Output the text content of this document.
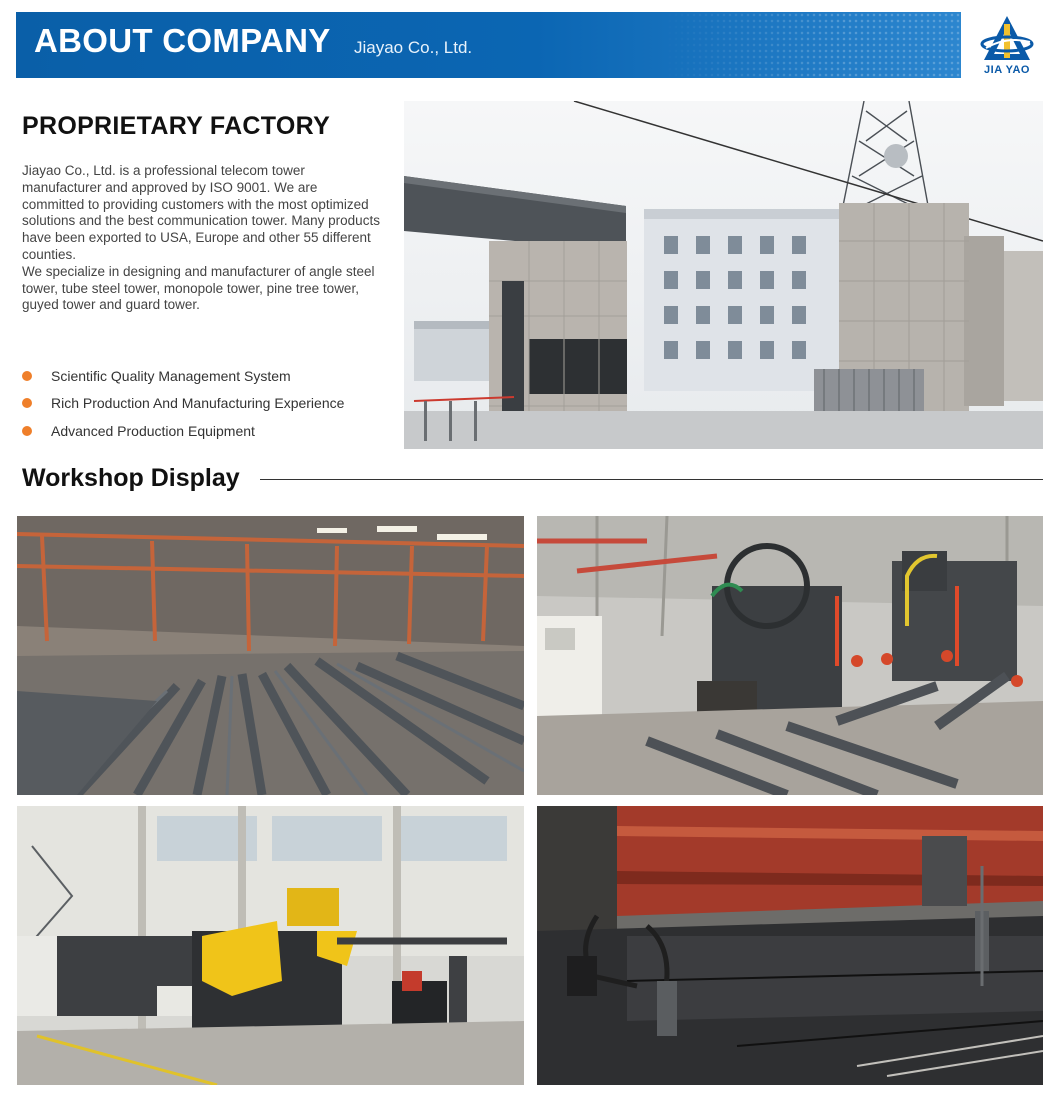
ABOUT COMPANY Jiayao Co., Ltd.
JIA YAO
PROPRIETARY FACTORY

Jiayao Co., Ltd. is a professional telecom tower manufacturer and approved by ISO 9001. We are committed to providing customers with the most optimized solutions and the best communication tower. Many products have been exported to USA, Europe and other 55 different counties.

We specialize in designing and manufacturer of angle steel tower, tube steel tower, monopole tower, pine tree tower, guyed tower and guard tower.

Scientific Quality Management System
Rich Production And Manufacturing Experience
Advanced Production Equipment
Workshop Display
